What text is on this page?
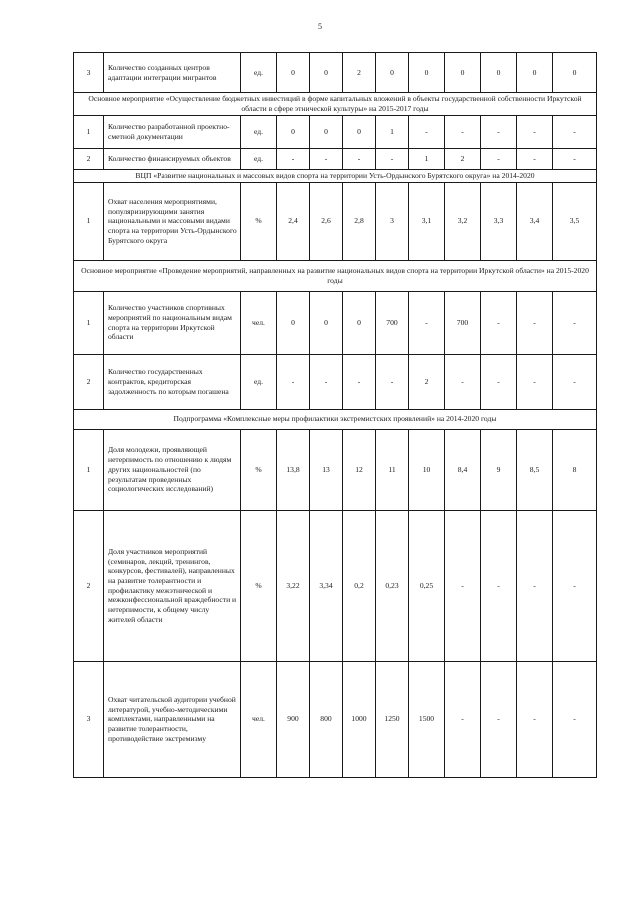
5
3	Количество созданных центров адаптации интеграции мигрантов	ед.	0	0	2	0	0	0	0	0	0
Основное мероприятие «Осуществление бюджетных инвестиций в форме капитальных вложений в объекты государственной собственности Иркутской области в сфере этнической культуры» на 2015-2017 годы											
1	Количество разработанной проектно-сметной документации	ед.	0	0	0	1	-	-	-	-	-
2	Количество финансируемых объектов	ед.	-	-	-	-	1	2	-	-	-
ВЦП «Развитие национальных и массовых видов спорта на территории Усть-Ордынского Бурятского округа» на 2014-2020											
1	Охват населения мероприятиями, популяризирующими занятия национальными и массовыми видами спорта на территории Усть-Ордынского Бурятского округа	%	2,4	2,6	2,8	3	3,1	3,2	3,3	3,4	3,5
Основное мероприятие «Проведение мероприятий, направленных на развитие национальных видов спорта на территории Иркутской области» на 2015-2020 годы											
1	Количество участников спортивных мероприятий по национальным видам спорта на территории Иркутской области	чел.	0	0	0	700	-	700	-	-	-
2	Количество государственных контрактов, кредиторская задолженность по которым погашена	ед.	-	-	-	-	2	-	-	-	-
Подпрограмма «Комплексные меры профилактики экстремистских проявлений» на 2014-2020 годы											
1	Доля молодежи, проявляющей нетерпимость по отношению к людям других национальностей (по результатам проведенных социологических исследований)	%	13,8	13	12	11	10	8,4	9	8,5	8
2	Доля участников мероприятий (семинаров, лекций, тренингов, конкурсов, фестивалей), направленных на развитие толерантности и профилактику межэтнической и межконфессиональной враждебности и нетерпимости, к общему числу жителей области	%	3,22	3,34	0,2	0,23	0,25	-	-	-	-
3	Охват читательской аудитории учебной литературой, учебно-методическими комплектами, направленными на развитие толерантности, противодействие экстремизму	чел.	900	800	1000	1250	1500	-	-	-	-
